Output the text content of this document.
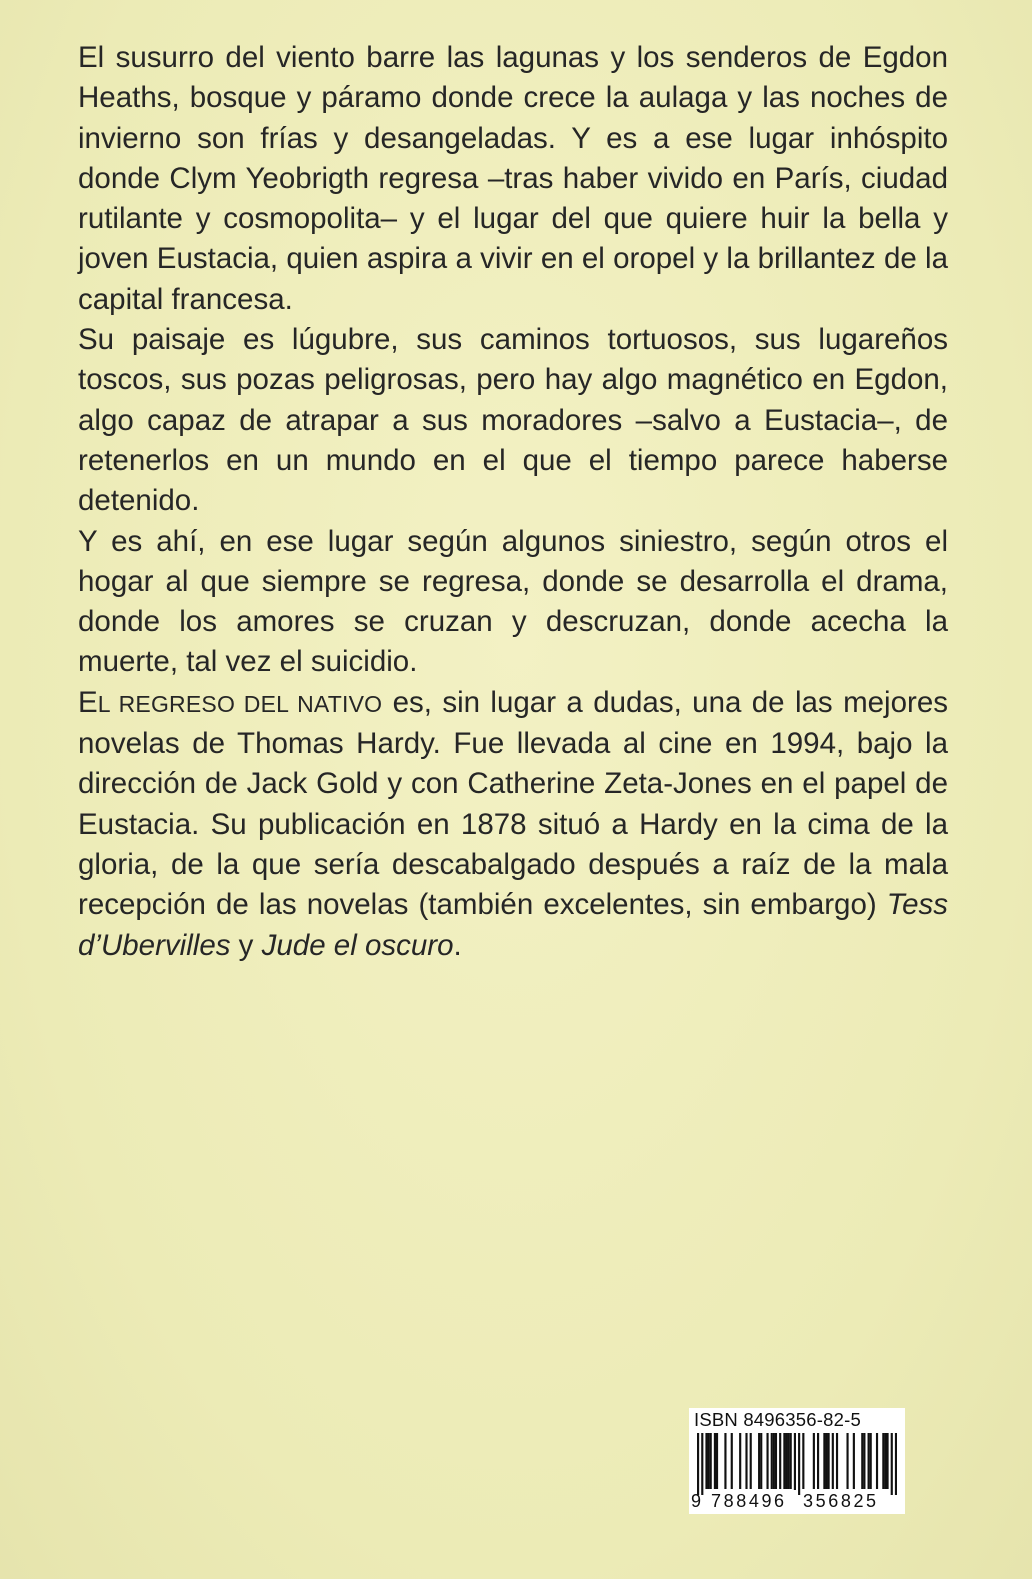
El susurro del viento barre las lagunas y los senderos de Egdon Heaths, bosque y páramo donde crece la aulaga y las noches de invierno son frías y desangeladas. Y es a ese lugar inhóspito donde Clym Yeobrigth regresa –tras haber vivido en París, ciudad rutilante y cosmopolita– y el lugar del que quiere huir la bella y joven Eustacia, quien aspira a vivir en el oropel y la brillantez de la capital francesa.

Su paisaje es lúgubre, sus caminos tortuosos, sus lugareños toscos, sus pozas peligrosas, pero hay algo magnético en Egdon, algo capaz de atrapar a sus moradores –salvo a Eustacia–, de retenerlos en un mundo en el que el tiempo parece haberse detenido.

Y es ahí, en ese lugar según algunos siniestro, según otros el hogar al que siempre se regresa, donde se desarrolla el drama, donde los amores se cruzan y descruzan, donde acecha la muerte, tal vez el suicidio.

EL REGRESO DEL NATIVO es, sin lugar a dudas, una de las mejores novelas de Thomas Hardy. Fue llevada al cine en 1994, bajo la dirección de Jack Gold y con Catherine Zeta-Jones en el papel de Eustacia. Su publicación en 1878 situó a Hardy en la cima de la gloria, de la que sería descabalgado después a raíz de la mala recepción de las novelas (también excelentes, sin embargo) Tess d’Ubervilles y Jude el oscuro.

ISBN 8496356-82-5
9 788496 356825
